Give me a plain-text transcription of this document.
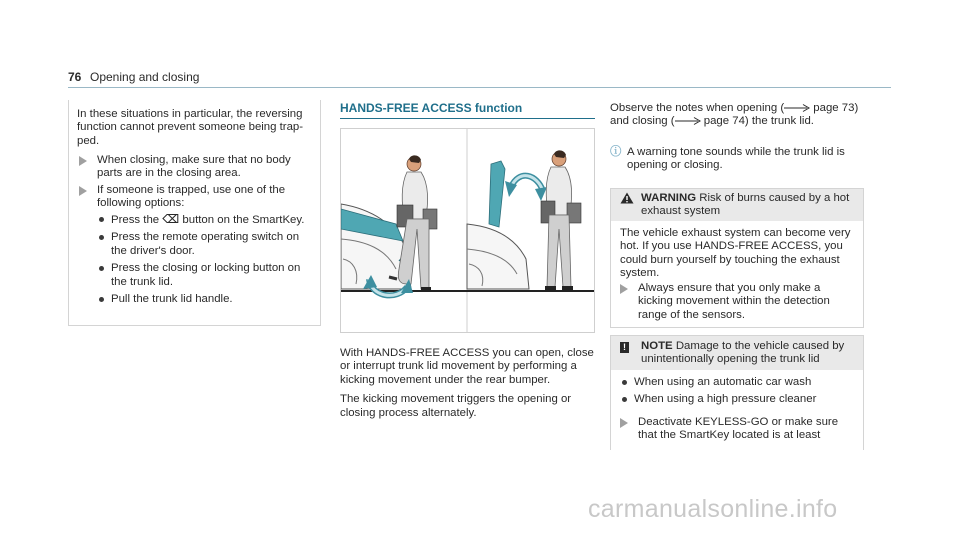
76 Opening and closing
In these situations in particular, the reversing function cannot prevent someone being trapped.
When closing, make sure that no body parts are in the closing area.
If someone is trapped, use one of the following options:
Press the ⌫ button on the SmartKey.
Press the remote operating switch on the driver's door.
Press the closing or locking button on the trunk lid.
Pull the trunk lid handle.
HANDS-FREE ACCESS function

With HANDS-FREE ACCESS you can open, close or interrupt trunk lid movement by performing a kicking movement under the rear bumper.

The kicking movement triggers the opening or closing process alternately.

Observe the notes when opening ( page 73) and closing ( page 74) the trunk lid.
ⓘ A warning tone sounds while the trunk lid is opening or closing.
WARNING Risk of burns caused by a hot exhaust system
The vehicle exhaust system can become very hot. If you use HANDS-FREE ACCESS, you could burn yourself by touching the exhaust system.
Always ensure that you only make a kicking movement within the detection range of the sensors.
! NOTE Damage to the vehicle caused by unintentionally opening the trunk lid
When using an automatic car wash
When using a high pressure cleaner
Deactivate KEYLESS-GO or make sure that the SmartKey located is at least
carmanualsonline.info
